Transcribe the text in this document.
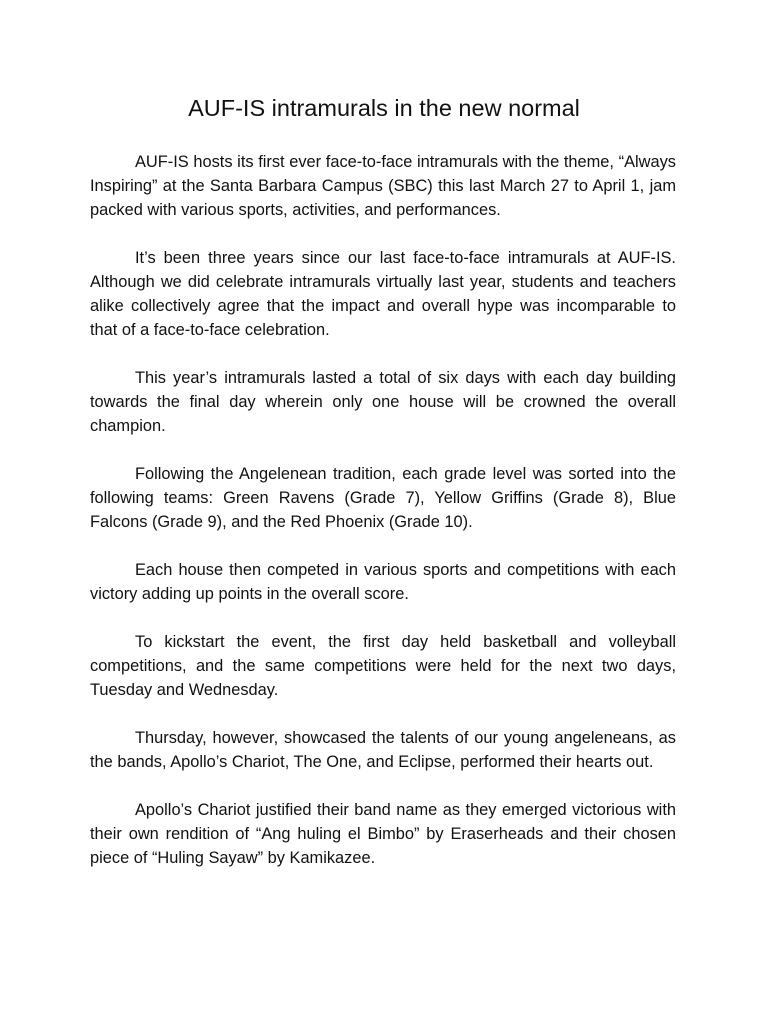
AUF-IS intramurals in the new normal

AUF-IS hosts its first ever face-to-face intramurals with the theme, “Always Inspiring” at the Santa Barbara Campus (SBC) this last March 27 to April 1, jam packed with various sports, activities, and performances.

It’s been three years since our last face-to-face intramurals at AUF-IS. Although we did celebrate intramurals virtually last year, students and teachers alike collectively agree that the impact and overall hype was incomparable to that of a face-to-face celebration.

This year’s intramurals lasted a total of six days with each day building towards the final day wherein only one house will be crowned the overall champion.

Following the Angelenean tradition, each grade level was sorted into the following teams: Green Ravens (Grade 7), Yellow Griffins (Grade 8), Blue Falcons (Grade 9), and the Red Phoenix (Grade 10).

Each house then competed in various sports and competitions with each victory adding up points in the overall score.

To kickstart the event, the first day held basketball and volleyball competitions, and the same competitions were held for the next two days, Tuesday and Wednesday.

Thursday, however, showcased the talents of our young angeleneans, as the bands, Apollo’s Chariot, The One, and Eclipse, performed their hearts out.

Apollo’s Chariot justified their band name as they emerged victorious with their own rendition of “Ang huling el Bimbo” by Eraserheads and their chosen piece of “Huling Sayaw” by Kamikazee.
